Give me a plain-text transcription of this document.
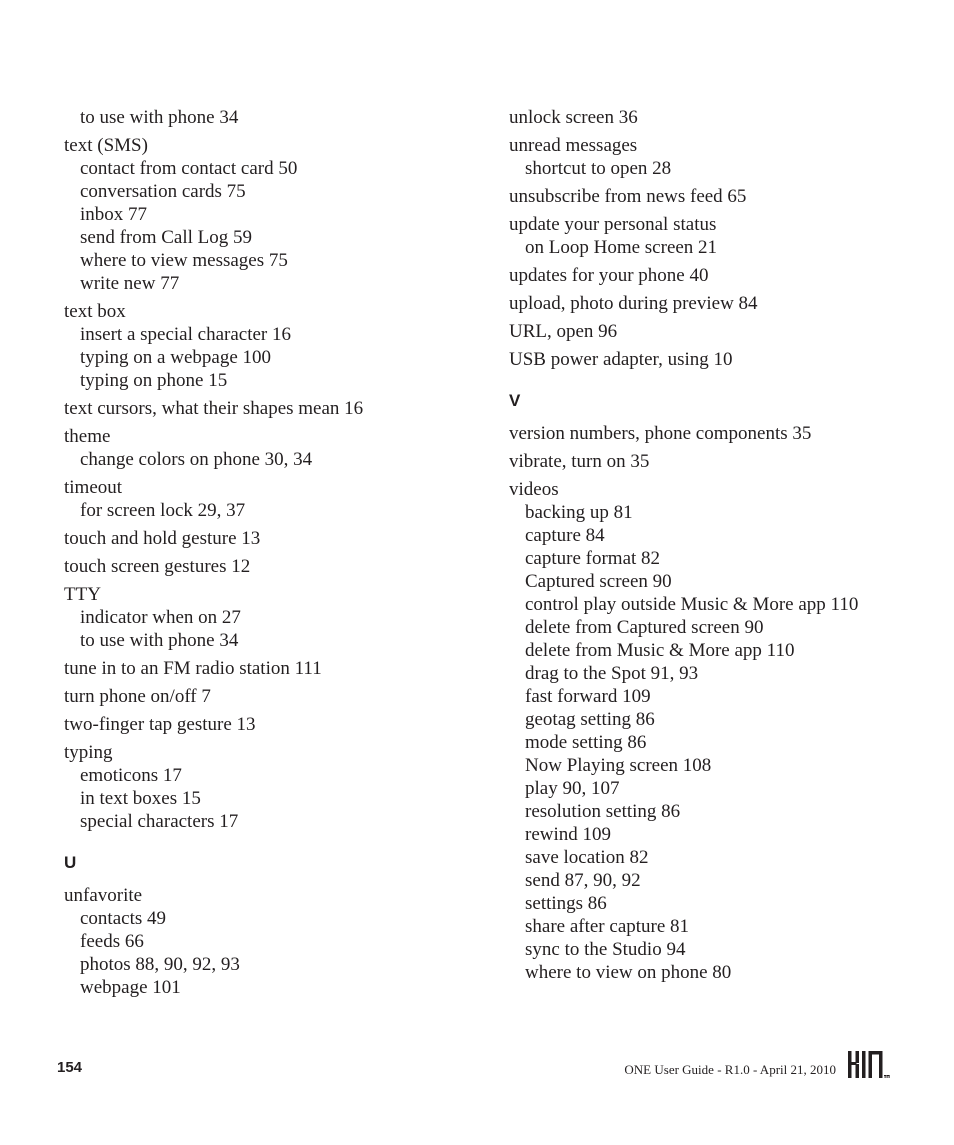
to use with phone 34
text (SMS)
contact from contact card 50
conversation cards 75
inbox 77
send from Call Log 59
where to view messages 75
write new 77
text box
insert a special character 16
typing on a webpage 100
typing on phone 15
text cursors, what their shapes mean 16
theme
change colors on phone 30, 34
timeout
for screen lock 29, 37
touch and hold gesture 13
touch screen gestures 12
TTY
indicator when on 27
to use with phone 34
tune in to an FM radio station 111
turn phone on/off 7
two-finger tap gesture 13
typing
emoticons 17
in text boxes 15
special characters 17
U
unfavorite
contacts 49
feeds 66
photos 88, 90, 92, 93
webpage 101
unlock screen 36
unread messages
shortcut to open 28
unsubscribe from news feed 65
update your personal status
on Loop Home screen 21
updates for your phone 40
upload, photo during preview 84
URL, open 96
USB power adapter, using 10
V
version numbers, phone components 35
vibrate, turn on 35
videos
backing up 81
capture 84
capture format 82
Captured screen 90
control play outside Music & More app 110
delete from Captured screen 90
delete from Music & More app 110
drag to the Spot 91, 93
fast forward 109
geotag setting 86
mode setting 86
Now Playing screen 108
play 90, 107
resolution setting 86
rewind 109
save location 82
send 87, 90, 92
settings 86
share after capture 81
sync to the Studio 94
where to view on phone 80
154	ONE User Guide - R1.0 - April 21, 2010
